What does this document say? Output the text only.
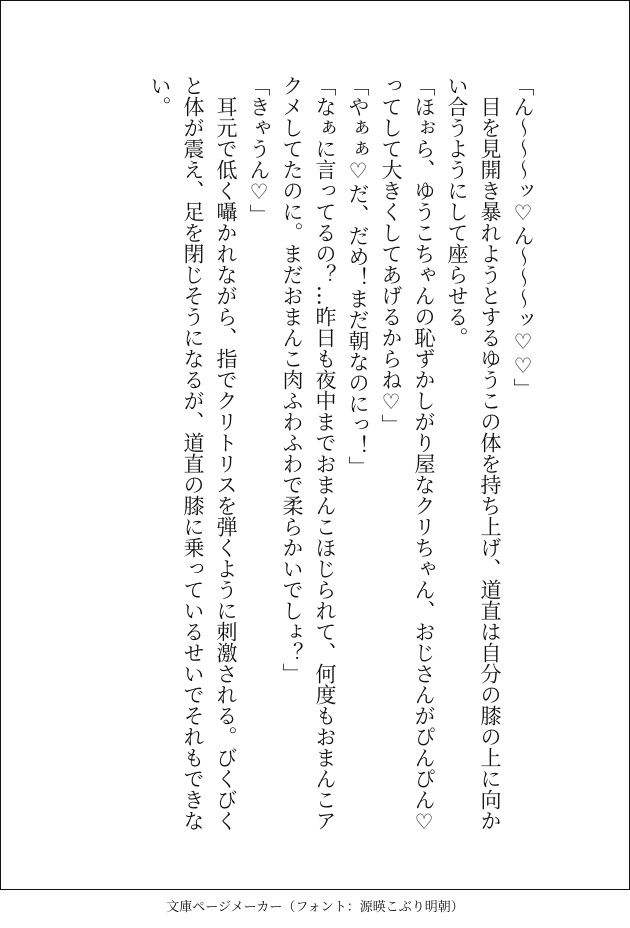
「ん〜〜〜ッ♡ん〜〜〜ッ♡♡」

　目を見開き暴れようとするゆうこの体を持ち上げ、道直は自分の膝の上に向かい合うようにして座らせる。

「ほぉら、ゆうこちゃんの恥ずかしがり屋なクリちゃん、おじさんがぴんぴん♡ってして大きくしてあげるからね♡」

「やぁぁ♡だ、だめ！まだ朝なのにっ！」

「なぁに言ってるの？…昨日も夜中までおまんこほじられて、何度もおまんこアクメしてたのに。まだおまんこ肉ふわふわで柔らかいでしょ？」

「きゃうん♡」

　耳元で低く囁かれながら、指でクリトリスを弾くように刺激される。びくびくと体が震え、足を閉じそうになるが、道直の膝に乗っているせいでそれもできない。

文庫ページメーカー（フォント：源暎こぶり明朝）
